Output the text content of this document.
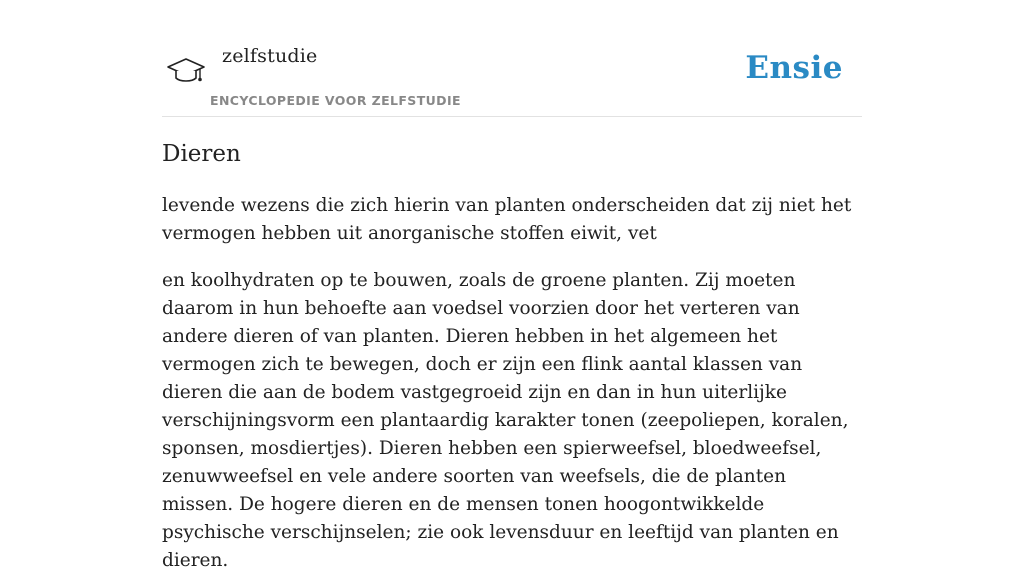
zelfstudie
ENCYCLOPEDIE VOOR ZELFSTUDIE
Ensie
Dieren

levende wezens die zich hierin van planten onderscheiden dat zij niet het vermogen hebben uit anorganische stoffen eiwit, vet

en koolhydraten op te bouwen, zoals de groene planten. Zij moeten daarom in hun behoefte aan voedsel voorzien door het verteren van andere dieren of van planten. Dieren hebben in het algemeen het vermogen zich te bewegen, doch er zijn een flink aantal klassen van dieren die aan de bodem vastgegroeid zijn en dan in hun uiterlijke verschijningsvorm een plantaardig karakter tonen (zeepoliepen, koralen, sponsen, mosdiertjes). Dieren hebben een spierweefsel, bloedweefsel, zenuwweefsel en vele andere soorten van weefsels, die de planten missen. De hogere dieren en de mensen tonen hoogontwikkelde psychische verschijnselen; zie ook levensduur en leeftijd van planten en dieren.
